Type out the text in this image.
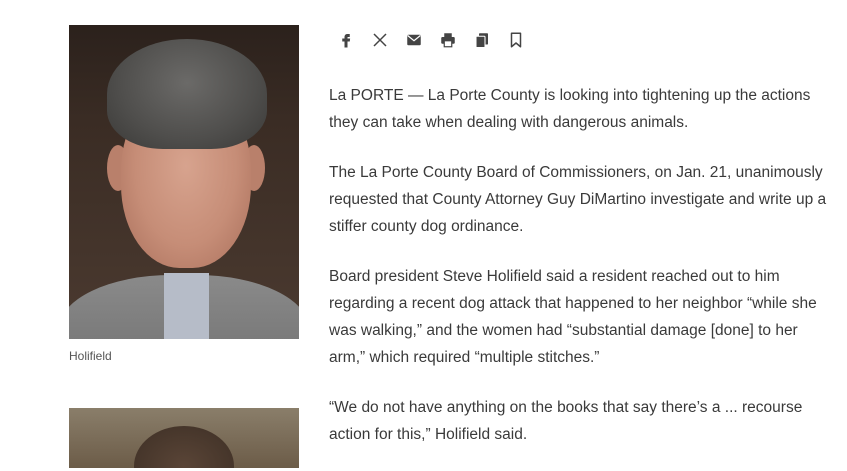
Holifield

La PORTE — La Porte County is looking into tightening up the actions they can take when dealing with dangerous animals.

The La Porte County Board of Commissioners, on Jan. 21, unanimously requested that County Attorney Guy DiMartino investigate and write up a stiffer county dog ordinance.

Board president Steve Holifield said a resident reached out to him regarding a recent dog attack that happened to her neighbor “while she was walking,” and the women had “substantial damage [done] to her arm,” which required “multiple stitches.”

“We do not have anything on the books that say there’s a ... recourse action for this,” Holifield said.
